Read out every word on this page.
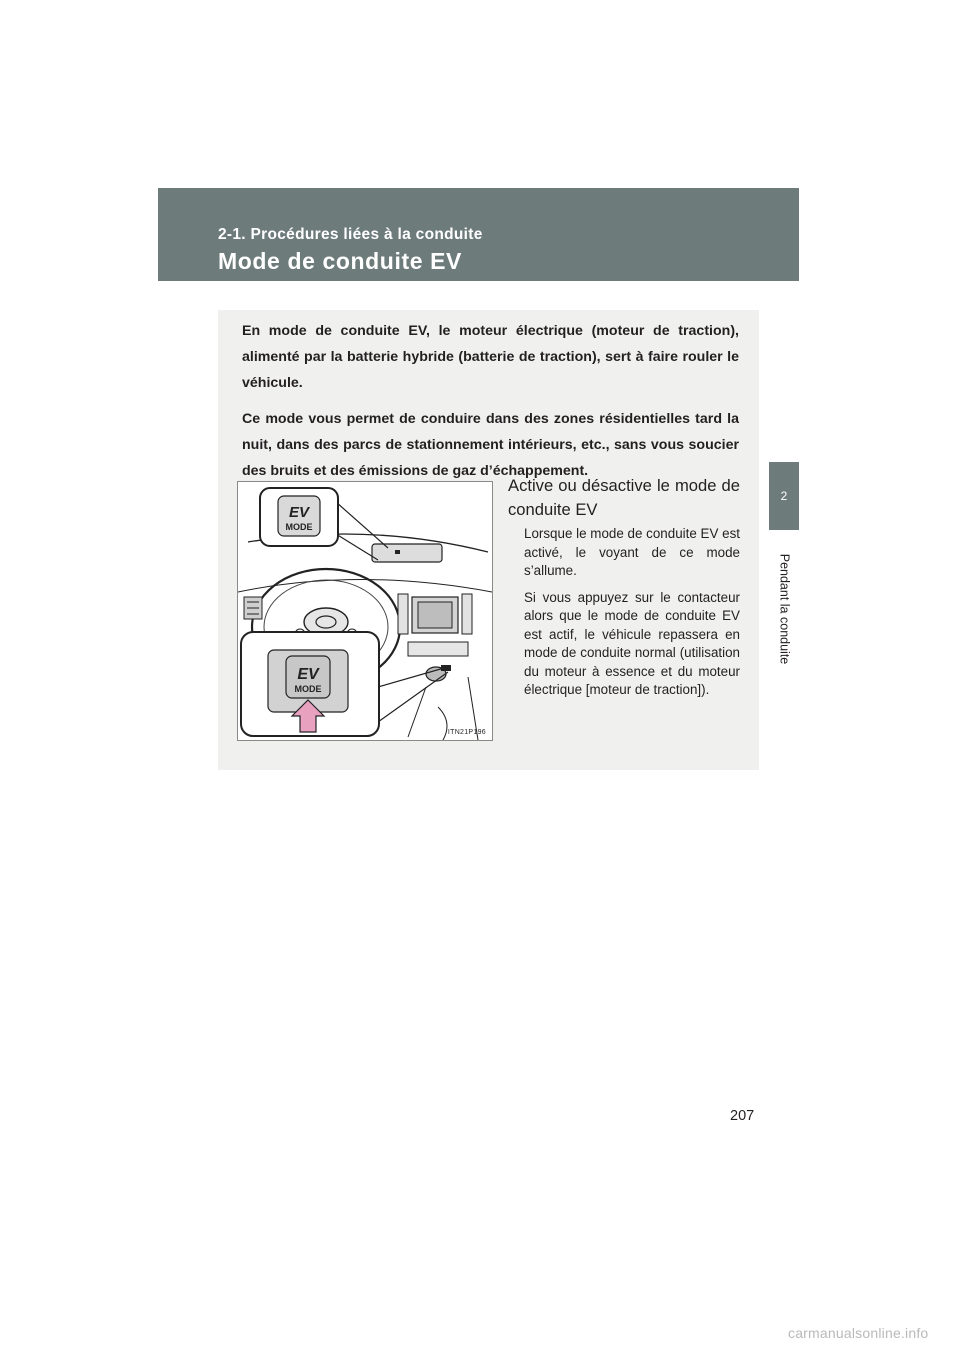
2-1. Procédures liées à la conduite
Mode de conduite EV
2
Pendant la conduite

En mode de conduite EV, le moteur électrique (moteur de traction), alimenté par la batterie hybride (batterie de traction), sert à faire rouler le véhicule.

Ce mode vous permet de conduire dans des zones résidentielles tard la nuit, dans des parcs de stationnement intérieurs, etc., sans vous soucier des bruits et des émissions de gaz d’échappement.

EV
MODE
EV
MODE
ITN21P196
Active ou désactive le mode de conduite EV

Lorsque le mode de conduite EV est activé, le voyant de ce mode s’allume.

Si vous appuyez sur le contacteur alors que le mode de conduite EV est actif, le véhicule repassera en mode de conduite normal (utilisation du moteur à essence et du moteur électrique [moteur de traction]).

207
carmanualsonline.info
